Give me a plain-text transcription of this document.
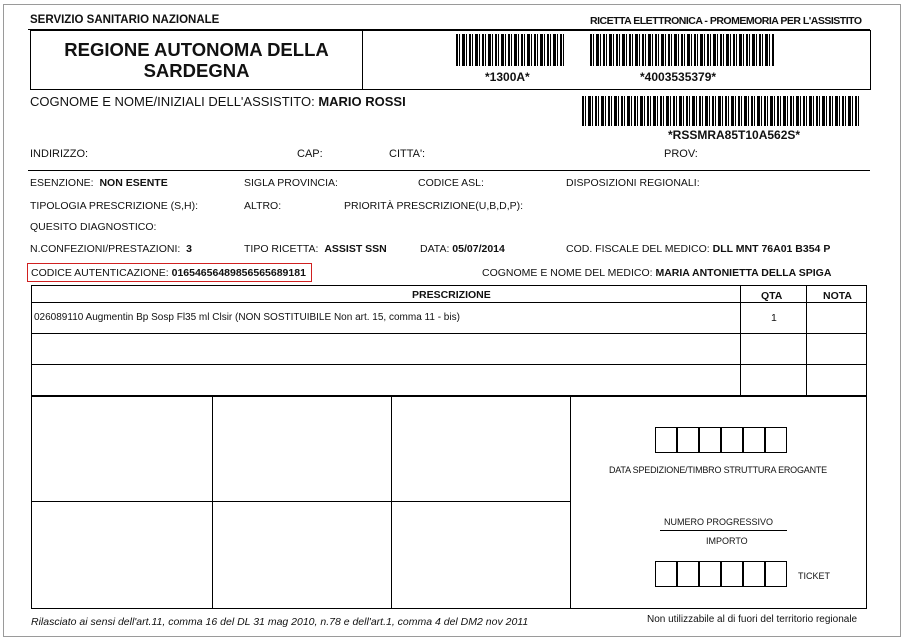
SERVIZIO SANITARIO NAZIONALE	RICETTA ELETTRONICA - PROMEMORIA PER L'ASSISTITO
REGIONE AUTONOMA DELLA
SARDEGNA	*1300A*	*4003535379*
COGNOME E NOME/INIZIALI DELL'ASSISTITO: MARIO ROSSI
*RSSMRA85T10A562S*
INDIRIZZO:	CAP:	CITTA':	PROV:
ESENZIONE: NON ESENTE	SIGLA PROVINCIA:	CODICE ASL:	DISPOSIZIONI REGIONALI:
TIPOLOGIA PRESCRIZIONE (S,H):	ALTRO:	PRIORITÀ PRESCRIZIONE(U,B,D,P):
QUESITO DIAGNOSTICO:
N.CONFEZIONI/PRESTAZIONI: 3	TIPO RICETTA: ASSIST SSN	DATA: 05/07/2014	COD. FISCALE DEL MEDICO: DLL MNT 76A01 B354 P
CODICE AUTENTICAZIONE: 01654656489856565689181	COGNOME E NOME DEL MEDICO: MARIA ANTONIETTA DELLA SPIGA
PRESCRIZIONE	QTA	NOTA
026089110 Augmentin Bp Sosp Fl35 ml Clsir (NON SOSTITUIBILE Non art. 15, comma 11 - bis)	1
DATA SPEDIZIONE/TIMBRO STRUTTURA EROGANTE
NUMERO PROGRESSIVO
IMPORTO
TICKET
Rilasciato ai sensi dell'art.11, comma 16 del DL 31 mag 2010, n.78 e dell'art.1, comma 4 del DM2 nov 2011	Non utilizzabile al di fuori del territorio regionale
